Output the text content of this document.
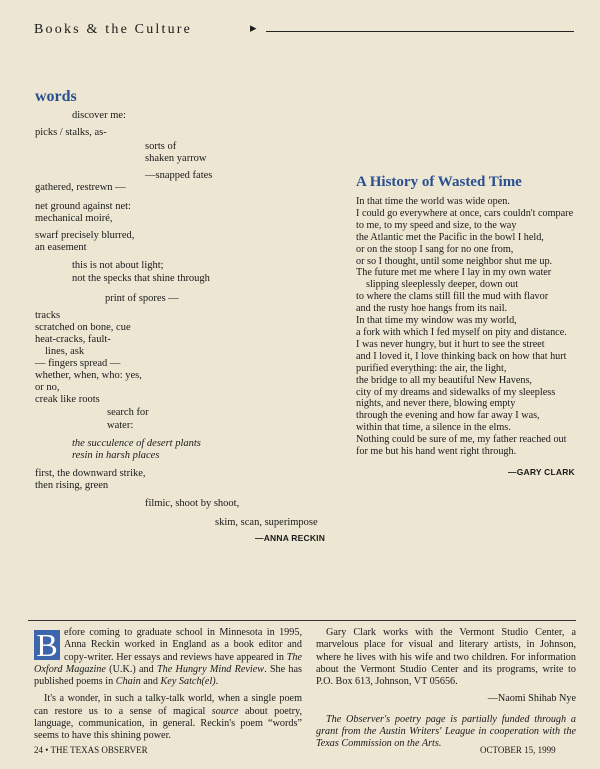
Books & the Culture	▸
words
discover me:
picks / stalks, as-
sorts of
shaken yarrow
—snapped fates
gathered, restrewn —
net ground against net:
mechanical moiré,
swarf precisely blurred,
an easement
this is not about light;
not the specks that shine through
print of spores —
tracks
scratched on bone, cue
heat-cracks, fault-
lines, ask
— fingers spread —
whether, when, who: yes,
or no,
creak like roots
search for
water:
the succulence of desert plants
resin in harsh places
first, the downward strike,
then rising, green
filmic, shoot by shoot,
skim, scan, superimpose
—ANNA RECKIN
A History of Wasted Time
In that time the world was wide open.
I could go everywhere at once, cars couldn't compare
to me, to my speed and size, to the way
the Atlantic met the Pacific in the bowl I held,
or on the stoop I sang for no one from,
or so I thought, until some neighbor shut me up.
The future met me where I lay in my own water
slipping sleeplessly deeper, down out
to where the clams still fill the mud with flavor
and the rusty hoe hangs from its nail.
In that time my window was my world,
a fork with which I fed myself on pity and distance.
I was never hungry, but it hurt to see the street
and I loved it, I love thinking back on how that hurt
purified everything: the air, the light,
the bridge to all my beautiful New Havens,
city of my dreams and sidewalks of my sleepless
nights, and never there, blowing empty
through the evening and how far away I was,
within that time, a silence in the elms.
Nothing could be sure of me, my father reached out
for me but his hand went right through.
—GARY CLARK

B efore coming to graduate school in Minnesota in 1995, Anna Reckin worked in England as a book editor and copy-writer. Her essays and reviews have appeared in The Oxford Magazine (U.K.) and The Hungry Mind Review. She has published poems in Chain and Key Satch(el).

It's a wonder, in such a talky-talk world, when a single poem can restore us to a sense of magical source about poetry, language, communication, in general. Reckin's poem “words” seems to have this shining power.

Gary Clark works with the Vermont Studio Center, a marvelous place for visual and literary artists, in Johnson, where he lives with his wife and two children. For information about the Vermont Studio Center and its programs, write to P.O. Box 613, Johnson, VT 05656.

—Naomi Shihab Nye

The Observer's poetry page is partially funded through a grant from the Austin Writers' League in cooperation with the Texas Commission on the Arts.

24 • THE TEXAS OBSERVER	OCTOBER 15, 1999
